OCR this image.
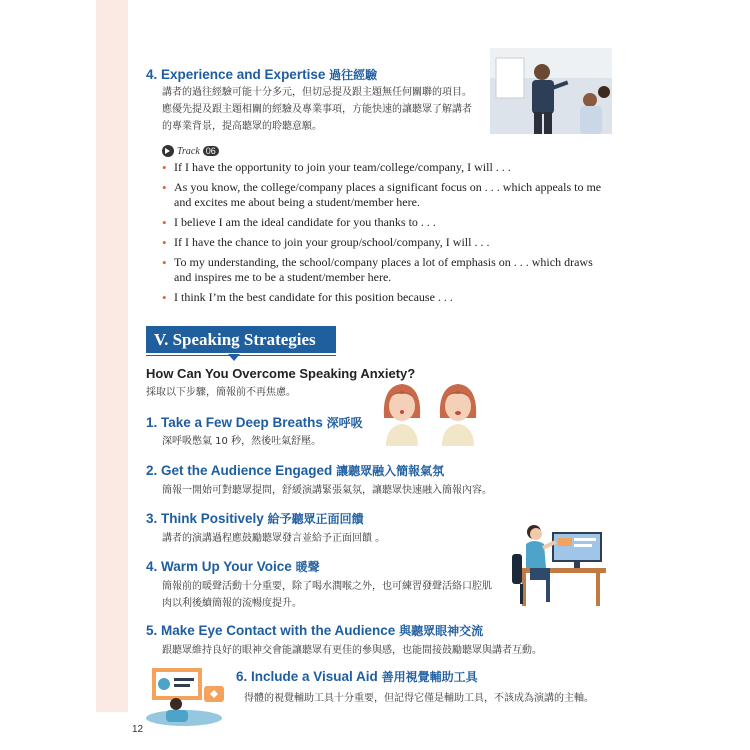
4. Experience and Expertise 過往經驗
講者的過往經驗可能十分多元，但切忌提及跟主題無任何關聯的項目。
應優先提及跟主題相關的經驗及專業事項，方能快速的讓聽眾了解講者
的專業背景，提高聽眾的聆聽意願。
Track 06
• If I have the opportunity to join your team/college/company, I will . . .
• As you know, the college/company places a significant focus on . . . which appeals to me and excites me about being a student/member here.
• I believe I am the ideal candidate for you thanks to . . .
• If I have the chance to join your group/school/company, I will . . .
• To my understanding, the school/company places a lot of emphasis on . . . which draws and inspires me to be a student/member here.
• I think I’m the best candidate for this position because . . .
V. Speaking Strategies
How Can You Overcome Speaking Anxiety?
採取以下步驟，簡報前不再焦慮。
1. Take a Few Deep Breaths 深呼吸
深呼吸憋氣 10 秒，然後吐氣舒壓。
2. Get the Audience Engaged 讓聽眾融入簡報氣氛
簡報一開始可對聽眾提問，舒緩演講緊張氣氛，讓聽眾快速融入簡報內容。
3. Think Positively 給予聽眾正面回饋
講者的演講過程應鼓勵聽眾發言並給予正面回饋 。
4. Warm Up Your Voice 暖聲
簡報前的暖聲活動十分重要，除了喝水潤喉之外，也可練習發聲活絡口腔肌
肉以利後續簡報的流暢度提升。
5. Make Eye Contact with the Audience 與聽眾眼神交流
跟聽眾維持良好的眼神交會能讓聽眾有更佳的參與感，也能間接鼓勵聽眾與講者互動。
6. Include a Visual Aid 善用視覺輔助工具
得體的視覺輔助工具十分重要，但記得它僅是輔助工具，不該成為演講的主軸。
12
